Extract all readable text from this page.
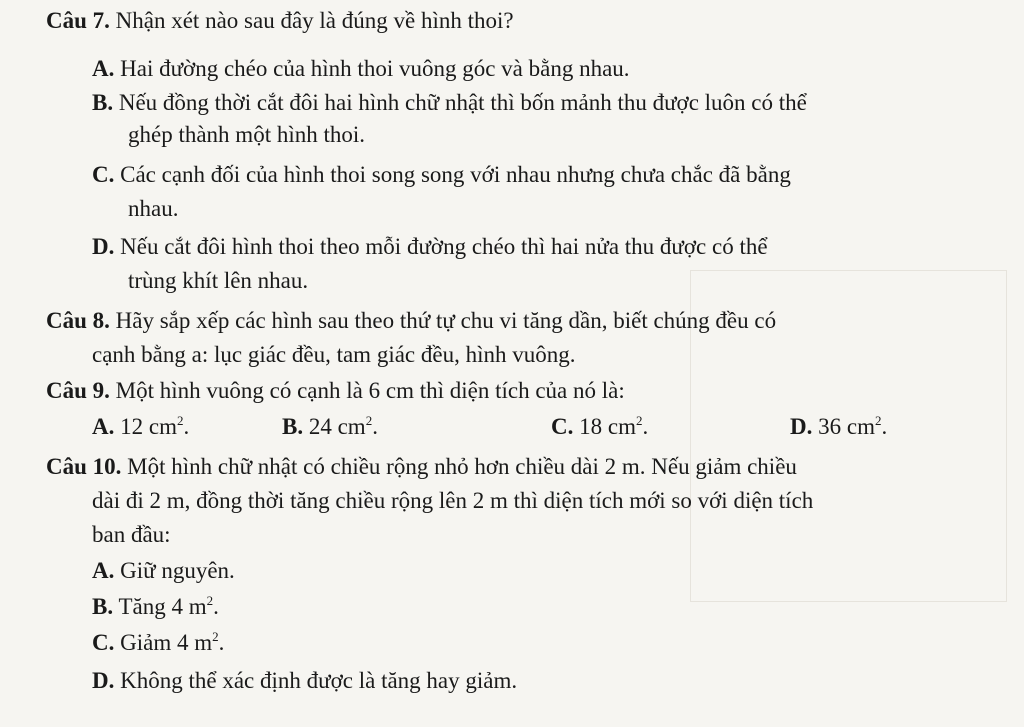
Câu 7. Nhận xét nào sau đây là đúng về hình thoi?
A. Hai đường chéo của hình thoi vuông góc và bằng nhau.
B. Nếu đồng thời cắt đôi hai hình chữ nhật thì bốn mảnh thu được luôn có thể
ghép thành một hình thoi.
C. Các cạnh đối của hình thoi song song với nhau nhưng chưa chắc đã bằng
nhau.
D. Nếu cắt đôi hình thoi theo mỗi đường chéo thì hai nửa thu được có thể
trùng khít lên nhau.
Câu 8. Hãy sắp xếp các hình sau theo thứ tự chu vi tăng dần, biết chúng đều có
cạnh bằng a: lục giác đều, tam giác đều, hình vuông.
Câu 9. Một hình vuông có cạnh là 6 cm thì diện tích của nó là:
A. 12 $cm^2$.	B. 24 $cm^2$.	C. 18 $cm^2$.	D. 36 $cm^2$.
Câu 10. Một hình chữ nhật có chiều rộng nhỏ hơn chiều dài 2 m. Nếu giảm chiều
dài đi 2 m, đồng thời tăng chiều rộng lên 2 m thì diện tích mới so với diện tích
ban đầu:
A. Giữ nguyên.
B. Tăng 4 $m^2$.
C. Giảm 4 $m^2$.
D. Không thể xác định được là tăng hay giảm.
